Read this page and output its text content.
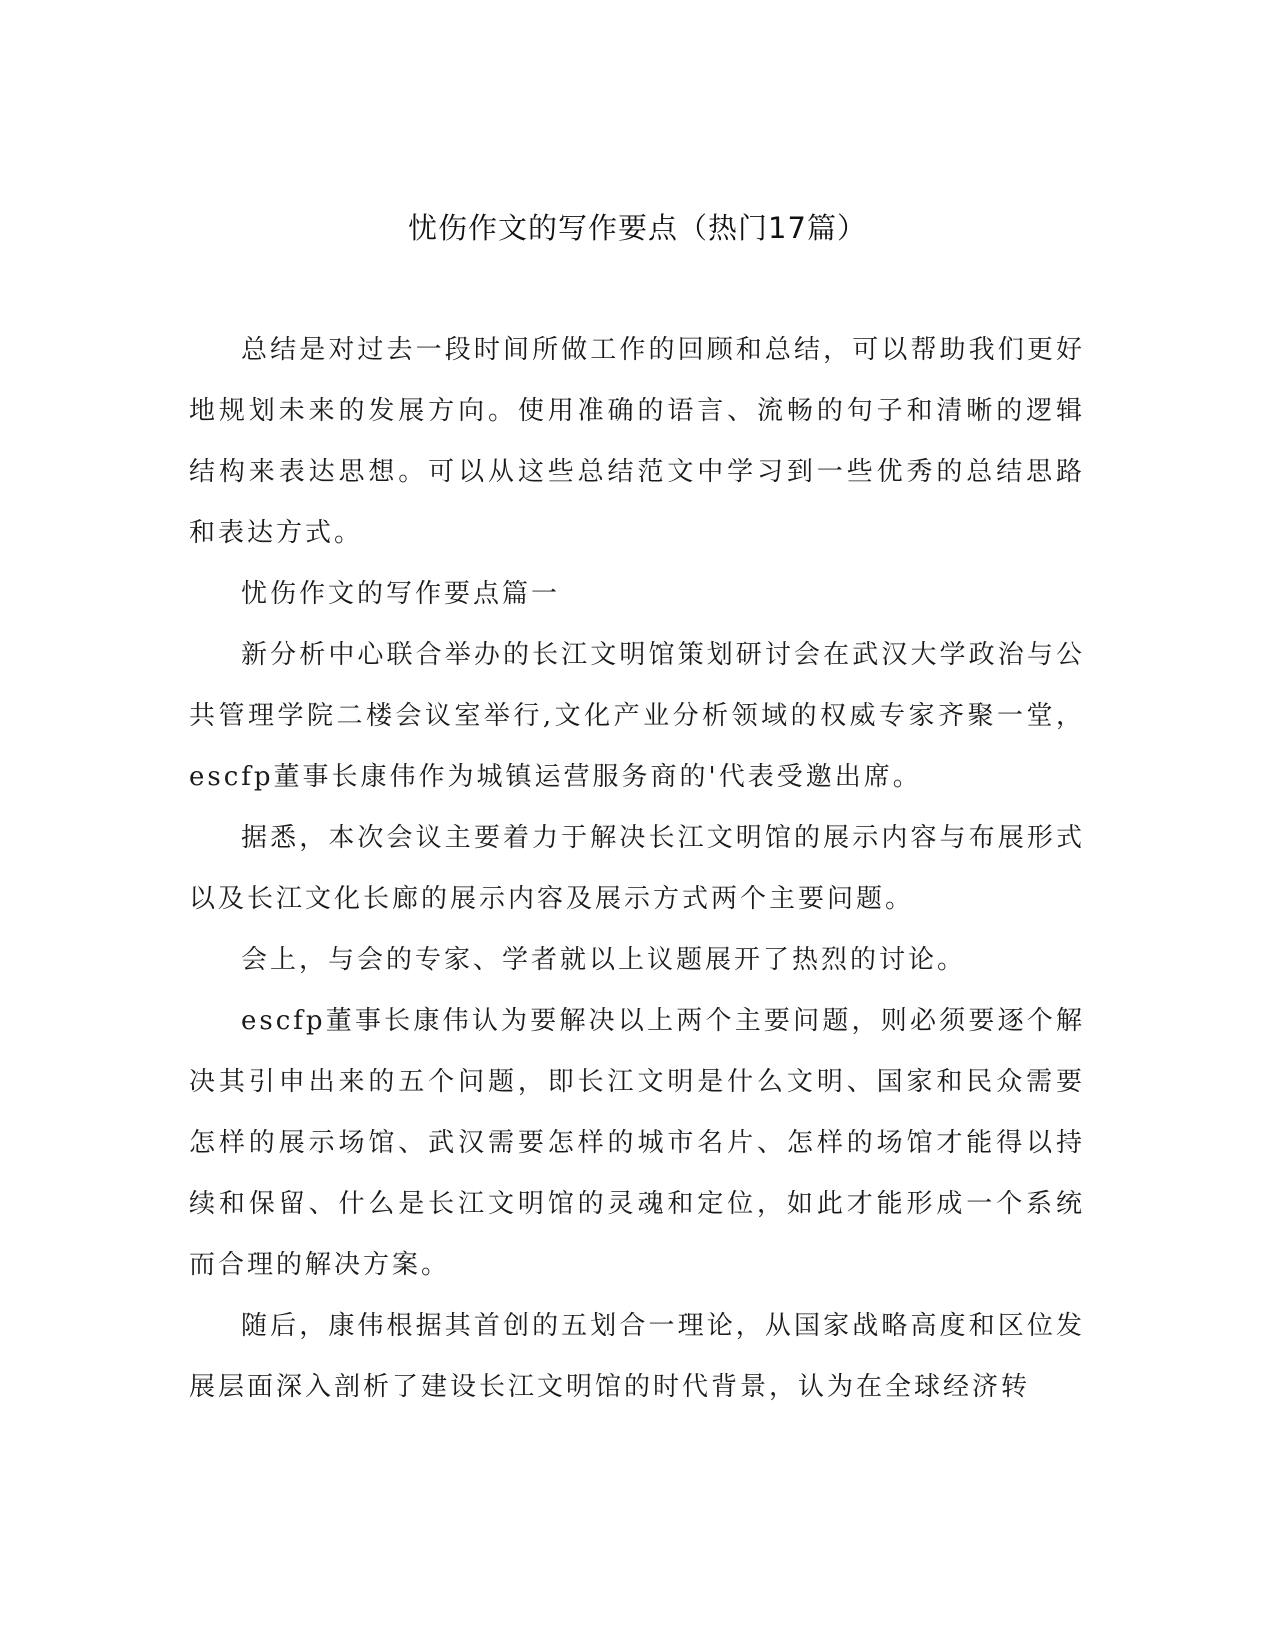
忧伤作文的写作要点（热门17篇）

总结是对过去一段时间所做工作的回顾和总结，可以帮助我们更好地规划未来的发展方向。使用准确的语言、流畅的句子和清晰的逻辑结构来表达思想。可以从这些总结范文中学习到一些优秀的总结思路和表达方式。

忧伤作文的写作要点篇一

新分析中心联合举办的长江文明馆策划研讨会在武汉大学政治与公共管理学院二楼会议室举行,文化产业分析领域的权威专家齐聚一堂，escfp董事长康伟作为城镇运营服务商的'代表受邀出席。

据悉，本次会议主要着力于解决长江文明馆的展示内容与布展形式以及长江文化长廊的展示内容及展示方式两个主要问题。

会上，与会的专家、学者就以上议题展开了热烈的讨论。

escfp董事长康伟认为要解决以上两个主要问题，则必须要逐个解决其引申出来的五个问题，即长江文明是什么文明、国家和民众需要怎样的展示场馆、武汉需要怎样的城市名片、怎样的场馆才能得以持续和保留、什么是长江文明馆的灵魂和定位，如此才能形成一个系统而合理的解决方案。

随后，康伟根据其首创的五划合一理论，从国家战略高度和区位发展层面深入剖析了建设长江文明馆的时代背景，认为在全球经济转
